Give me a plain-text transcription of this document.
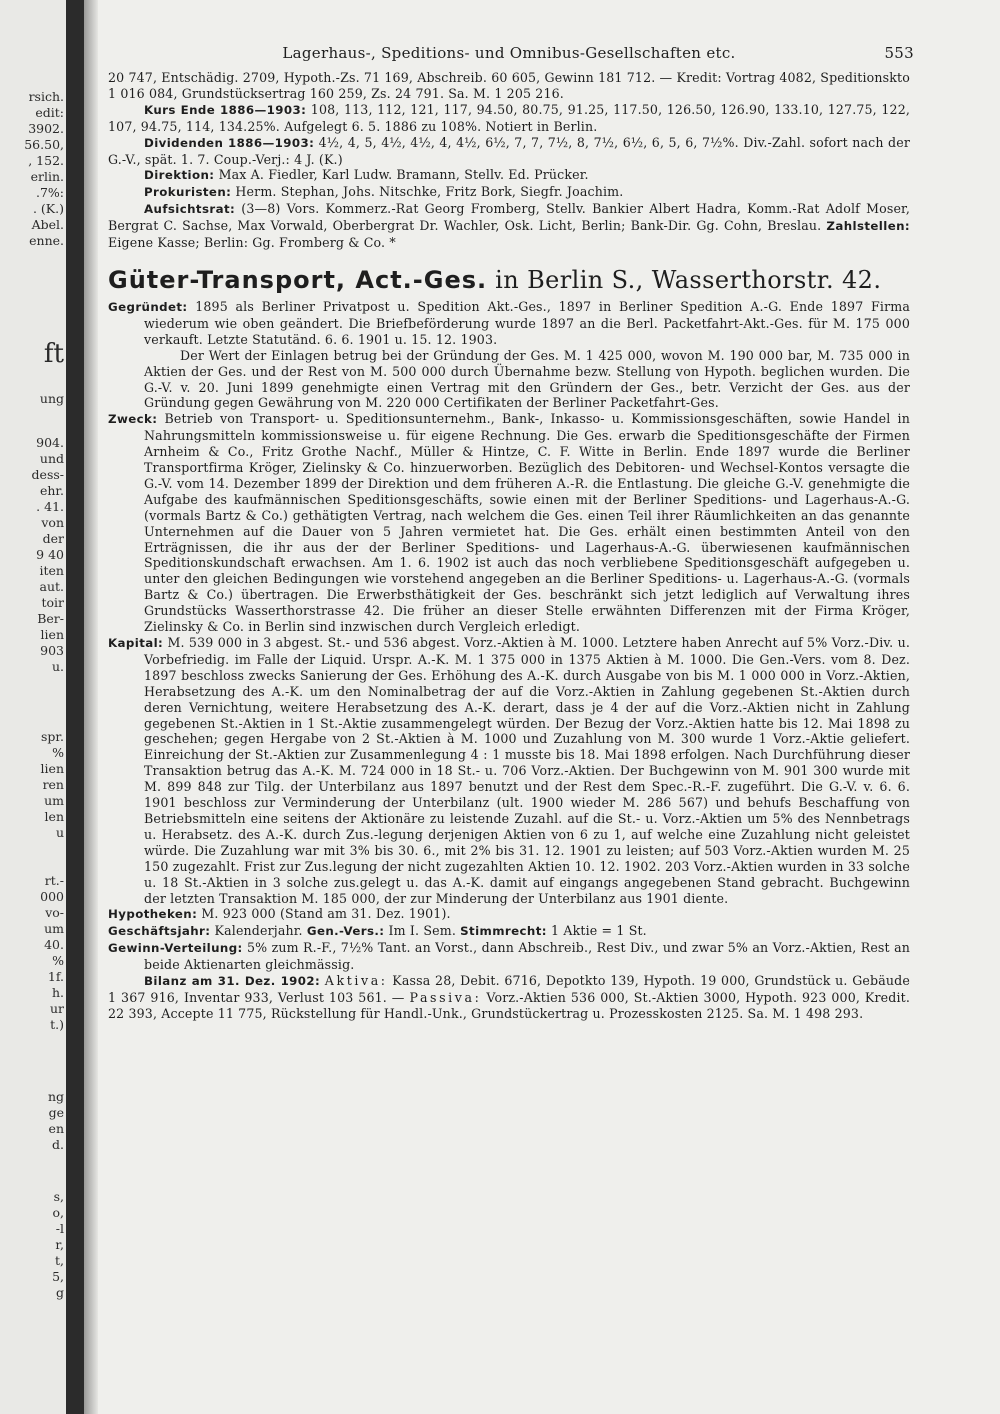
rsich.
edit:
3902.
56.50,
, 152.
erlin.
.7%:
. (K.)
Abel.
enne.
ft
ung
904.
und
dess-
ehr.
. 41.
von
der
9 40
iten
aut.
toir
Ber-
lien
903
u.
spr.
%
lien
ren
um
len
u
rt.-
000
vo-
um
40.
%
1f.
h.
ur
t.)
ng
ge
en
d.
s,
o,
-l
r,
t,
5,
g
Lagerhaus-, Speditions- und Omnibus-Gesellschaften etc.	553

20 747, Entschädig. 2709, Hypoth.-Zs. 71 169, Abschreib. 60 605, Gewinn 181 712. — Kredit: Vortrag 4082, Speditionskto 1 016 084, Grundstücksertrag 160 259, Zs. 24 791. Sa. M. 1 205 216.

Kurs Ende 1886—1903: 108, 113, 112, 121, 117, 94.50, 80.75, 91.25, 117.50, 126.50, 126.90, 133.10, 127.75, 122, 107, 94.75, 114, 134.25%. Aufgelegt 6. 5. 1886 zu 108%. Notiert in Berlin.

Dividenden 1886—1903: 4½, 4, 5, 4½, 4½, 4, 4½, 6½, 7, 7, 7½, 8, 7½, 6½, 6, 5, 6, 7½%. Div.-Zahl. sofort nach der G.-V., spät. 1. 7. Coup.-Verj.: 4 J. (K.)

Direktion: Max A. Fiedler, Karl Ludw. Bramann, Stellv. Ed. Prücker.

Prokuristen: Herm. Stephan, Johs. Nitschke, Fritz Bork, Siegfr. Joachim.

Aufsichtsrat: (3—8) Vors. Kommerz.-Rat Georg Fromberg, Stellv. Bankier Albert Hadra, Komm.-Rat Adolf Moser, Bergrat C. Sachse, Max Vorwald, Oberbergrat Dr. Wachler, Osk. Licht, Berlin; Bank-Dir. Gg. Cohn, Breslau. Zahlstellen: Eigene Kasse; Berlin: Gg. Fromberg & Co. *

Güter-Transport, Act.-Ges. in Berlin S., Wasserthorstr. 42.

Gegründet: 1895 als Berliner Privatpost u. Spedition Akt.-Ges., 1897 in Berliner Spedition A.-G. Ende 1897 Firma wiederum wie oben geändert. Die Briefbeförderung wurde 1897 an die Berl. Packetfahrt-Akt.-Ges. für M. 175 000 verkauft. Letzte Statutänd. 6. 6. 1901 u. 15. 12. 1903.

Der Wert der Einlagen betrug bei der Gründung der Ges. M. 1 425 000, wovon M. 190 000 bar, M. 735 000 in Aktien der Ges. und der Rest von M. 500 000 durch Übernahme bezw. Stellung von Hypoth. beglichen wurden. Die G.-V. v. 20. Juni 1899 genehmigte einen Vertrag mit den Gründern der Ges., betr. Verzicht der Ges. aus der Gründung gegen Gewährung von M. 220 000 Certifikaten der Berliner Packetfahrt-Ges.

Zweck: Betrieb von Transport- u. Speditionsunternehm., Bank-, Inkasso- u. Kommissionsgeschäften, sowie Handel in Nahrungsmitteln kommissionsweise u. für eigene Rechnung. Die Ges. erwarb die Speditionsgeschäfte der Firmen Arnheim & Co., Fritz Grothe Nachf., Müller & Hintze, C. F. Witte in Berlin. Ende 1897 wurde die Berliner Transportfirma Kröger, Zielinsky & Co. hinzuerworben. Bezüglich des Debitoren- und Wechsel-Kontos versagte die G.-V. vom 14. Dezember 1899 der Direktion und dem früheren A.-R. die Entlastung. Die gleiche G.-V. genehmigte die Aufgabe des kaufmännischen Speditionsgeschäfts, sowie einen mit der Berliner Speditions- und Lagerhaus-A.-G. (vormals Bartz & Co.) gethätigten Vertrag, nach welchem die Ges. einen Teil ihrer Räumlichkeiten an das genannte Unternehmen auf die Dauer von 5 Jahren vermietet hat. Die Ges. erhält einen bestimmten Anteil von den Erträgnissen, die ihr aus der der Berliner Speditions- und Lagerhaus-A.-G. überwiesenen kaufmännischen Speditionskundschaft erwachsen. Am 1. 6. 1902 ist auch das noch verbliebene Speditionsgeschäft aufgegeben u. unter den gleichen Bedingungen wie vorstehend angegeben an die Berliner Speditions- u. Lagerhaus-A.-G. (vormals Bartz & Co.) übertragen. Die Erwerbsthätigkeit der Ges. beschränkt sich jetzt lediglich auf Verwaltung ihres Grundstücks Wasserthorstrasse 42. Die früher an dieser Stelle erwähnten Differenzen mit der Firma Kröger, Zielinsky & Co. in Berlin sind inzwischen durch Vergleich erledigt.

Kapital: M. 539 000 in 3 abgest. St.- und 536 abgest. Vorz.-Aktien à M. 1000. Letztere haben Anrecht auf 5% Vorz.-Div. u. Vorbefriedig. im Falle der Liquid. Urspr. A.-K. M. 1 375 000 in 1375 Aktien à M. 1000. Die Gen.-Vers. vom 8. Dez. 1897 beschloss zwecks Sanierung der Ges. Erhöhung des A.-K. durch Ausgabe von bis M. 1 000 000 in Vorz.-Aktien, Herabsetzung des A.-K. um den Nominalbetrag der auf die Vorz.-Aktien in Zahlung gegebenen St.-Aktien durch deren Vernichtung, weitere Herabsetzung des A.-K. derart, dass je 4 der auf die Vorz.-Aktien nicht in Zahlung gegebenen St.-Aktien in 1 St.-Aktie zusammengelegt würden. Der Bezug der Vorz.-Aktien hatte bis 12. Mai 1898 zu geschehen; gegen Hergabe von 2 St.-Aktien à M. 1000 und Zuzahlung von M. 300 wurde 1 Vorz.-Aktie geliefert. Einreichung der St.-Aktien zur Zusammenlegung 4 : 1 musste bis 18. Mai 1898 erfolgen. Nach Durchführung dieser Transaktion betrug das A.-K. M. 724 000 in 18 St.- u. 706 Vorz.-Aktien. Der Buchgewinn von M. 901 300 wurde mit M. 899 848 zur Tilg. der Unterbilanz aus 1897 benutzt und der Rest dem Spec.-R.-F. zugeführt. Die G.-V. v. 6. 6. 1901 beschloss zur Verminderung der Unterbilanz (ult. 1900 wieder M. 286 567) und behufs Beschaffung von Betriebsmitteln eine seitens der Aktionäre zu leistende Zuzahl. auf die St.- u. Vorz.-Aktien um 5% des Nennbetrags u. Herabsetz. des A.-K. durch Zus.-legung derjenigen Aktien von 6 zu 1, auf welche eine Zuzahlung nicht geleistet würde. Die Zuzahlung war mit 3% bis 30. 6., mit 2% bis 31. 12. 1901 zu leisten; auf 503 Vorz.-Aktien wurden M. 25 150 zugezahlt. Frist zur Zus.legung der nicht zugezahlten Aktien 10. 12. 1902. 203 Vorz.-Aktien wurden in 33 solche u. 18 St.-Aktien in 3 solche zus.gelegt u. das A.-K. damit auf eingangs angegebenen Stand gebracht. Buchgewinn der letzten Transaktion M. 185 000, der zur Minderung der Unterbilanz aus 1901 diente.

Hypotheken: M. 923 000 (Stand am 31. Dez. 1901).

Geschäftsjahr: Kalenderjahr. Gen.-Vers.: Im I. Sem. Stimmrecht: 1 Aktie = 1 St.

Gewinn-Verteilung: 5% zum R.-F., 7½% Tant. an Vorst., dann Abschreib., Rest Div., und zwar 5% an Vorz.-Aktien, Rest an beide Aktienarten gleichmässig.

Bilanz am 31. Dez. 1902: Aktiva: Kassa 28, Debit. 6716, Depotkto 139, Hypoth. 19 000, Grundstück u. Gebäude 1 367 916, Inventar 933, Verlust 103 561. — Passiva: Vorz.-Aktien 536 000, St.-Aktien 3000, Hypoth. 923 000, Kredit. 22 393, Accepte 11 775, Rückstellung für Handl.-Unk., Grundstückertrag u. Prozesskosten 2125. Sa. M. 1 498 293.
